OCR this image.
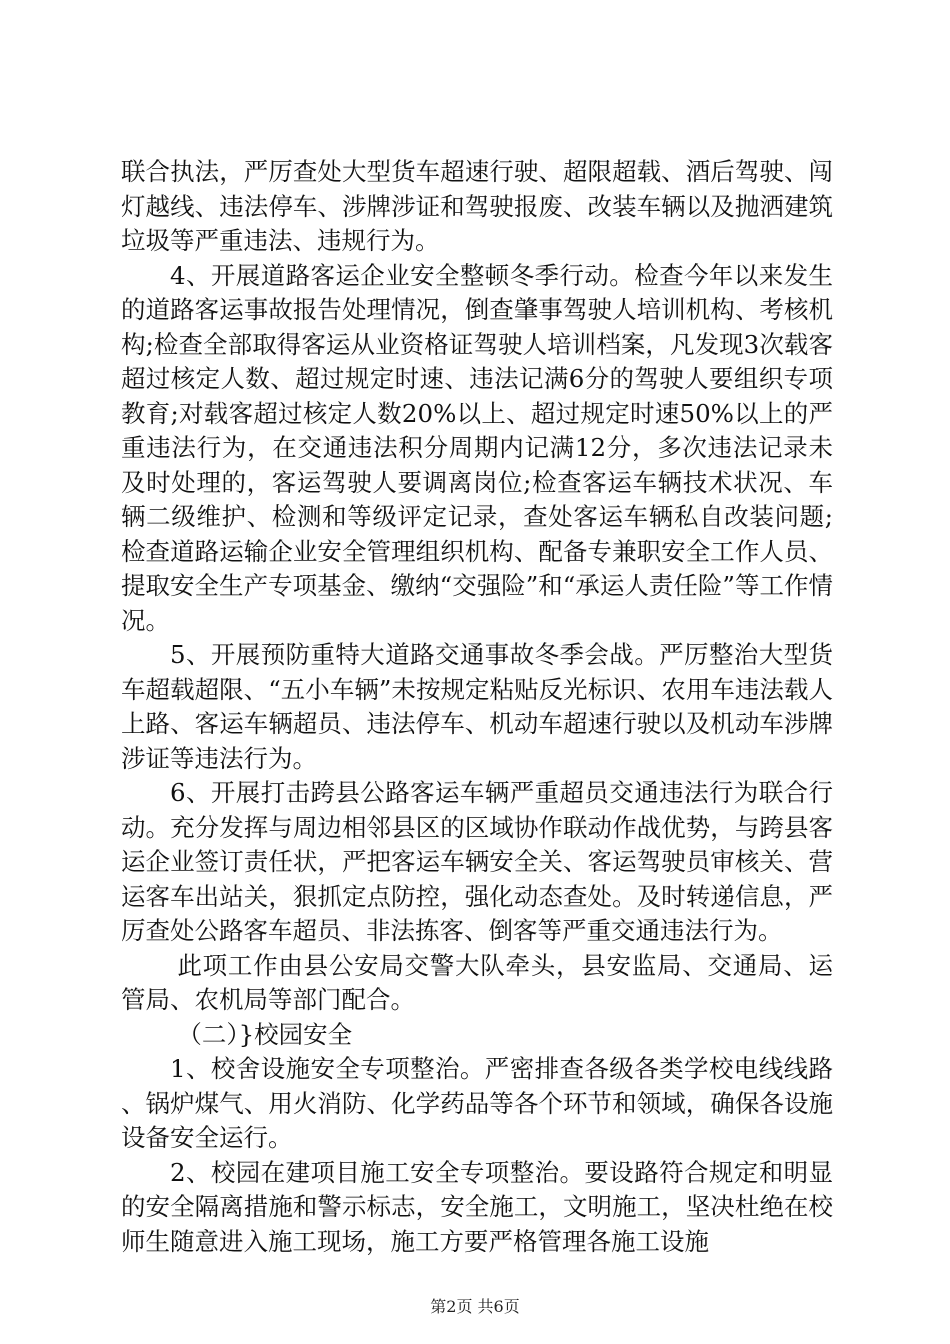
联合执法，严厉查处大型货车超速行驶、超限超载、酒后驾驶、闯灯越线、违法停车、涉牌涉证和驾驶报废、改装车辆以及抛洒建筑垃圾等严重违法、违规行为。

4、开展道路客运企业安全整顿冬季行动。检查今年以来发生的道路客运事故报告处理情况，倒查肇事驾驶人培训机构、考核机构;检查全部取得客运从业资格证驾驶人培训档案，凡发现3次载客超过核定人数、超过规定时速、违法记满6分的驾驶人要组织专项教育;对载客超过核定人数20%以上、超过规定时速50%以上的严重违法行为，在交通违法积分周期内记满12分，多次违法记录未及时处理的，客运驾驶人要调离岗位;检查客运车辆技术状况、车辆二级维护、检测和等级评定记录，查处客运车辆私自改装问题;检查道路运输企业安全管理组织机构、配备专兼职安全工作人员、提取安全生产专项基金、缴纳“交强险”和“承运人责任险”等工作情况。

5、开展预防重特大道路交通事故冬季会战。严厉整治大型货车超载超限、“五小车辆”未按规定粘贴反光标识、农用车违法载人上路、客运车辆超员、违法停车、机动车超速行驶以及机动车涉牌涉证等违法行为。

6、开展打击跨县公路客运车辆严重超员交通违法行为联合行动。充分发挥与周边相邻县区的区域协作联动作战优势，与跨县客运企业签订责任状，严把客运车辆安全关、客运驾驶员审核关、营运客车出站关，狠抓定点防控，强化动态查处。及时转递信息，严厉查处公路客车超员、非法拣客、倒客等严重交通违法行为。

此项工作由县公安局交警大队牵头，县安监局、交通局、运管局、农机局等部门配合。

（二）}校园安全

1、校舍设施安全专项整治。严密排查各级各类学校电线线路、锅炉煤气、用火消防、化学药品等各个环节和领域，确保各设施设备安全运行。

2、校园在建项目施工安全专项整治。要设路符合规定和明显的安全隔离措施和警示标志，安全施工，文明施工，坚决杜绝在校师生随意进入施工现场，施工方要严格管理各施工设施

第2页 共6页
